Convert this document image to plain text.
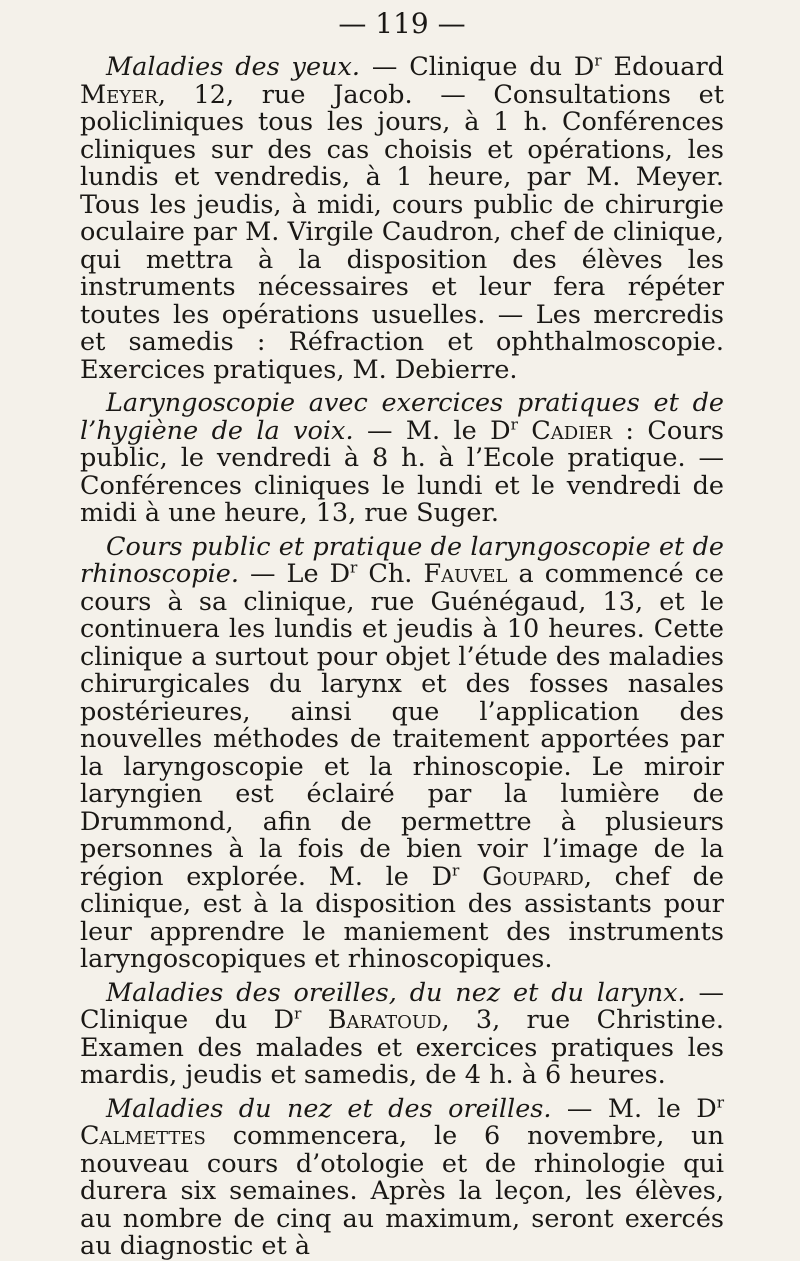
— 119 —

Maladies des yeux. — Clinique du $D^r$ Edouard Meyer, 12, rue Jacob. — Consultations et policliniques tous les jours, à 1 h. Conférences cliniques sur des cas choisis et opérations, les lundis et vendredis, à 1 heure, par M. Meyer. Tous les jeudis, à midi, cours public de chirurgie oculaire par M. Virgile Caudron, chef de clinique, qui mettra à la disposition des élèves les instruments nécessaires et leur fera répéter toutes les opérations usuelles. — Les mercredis et samedis : Réfraction et ophthalmoscopie. Exercices pratiques, M. Debierre.

Laryngoscopie avec exercices pratiques et de l’hygiène de la voix. — M. le $D^r$ Cadier : Cours public, le vendredi à 8 h. à l’Ecole pratique. — Conférences cliniques le lundi et le vendredi de midi à une heure, 13, rue Suger.

Cours public et pratique de laryngoscopie et de rhinoscopie. — Le $D^r$ Ch. Fauvel a commencé ce cours à sa clinique, rue Guénégaud, 13, et le continuera les lundis et jeudis à 10 heures. Cette clinique a surtout pour objet l’étude des maladies chirurgicales du larynx et des fosses nasales postérieures, ainsi que l’application des nouvelles méthodes de traitement apportées par la laryngoscopie et la rhinoscopie. Le miroir laryngien est éclairé par la lumière de Drummond, afin de permettre à plusieurs personnes à la fois de bien voir l’image de la région explorée. M. le $D^r$ Goupard, chef de clinique, est à la disposition des assistants pour leur apprendre le maniement des instruments laryngoscopiques et rhinoscopiques.

Maladies des oreilles, du nez et du larynx. — Clinique du $D^r$ Baratoud, 3, rue Christine. Examen des malades et exercices pratiques les mardis, jeudis et samedis, de 4 h. à 6 heures.

Maladies du nez et des oreilles. — M. le $D^r$ Calmettes commencera, le 6 novembre, un nouveau cours d’otologie et de rhinologie qui durera six semaines. Après la leçon, les élèves, au nombre de cinq au maximum, seront exercés au diagnostic et à
